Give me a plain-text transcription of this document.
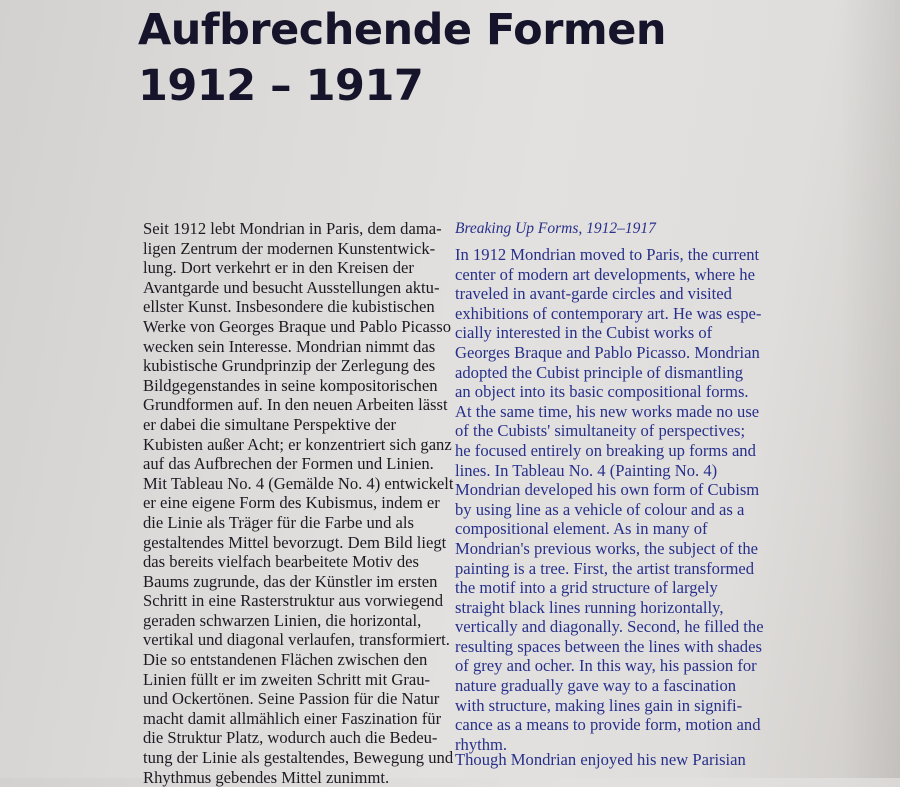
Aufbrechende Formen
1912 – 1917
Seit 1912 lebt Mondrian in Paris, dem dama-
ligen Zentrum der modernen Kunstentwick-
lung. Dort verkehrt er in den Kreisen der
Avantgarde und besucht Ausstellungen aktu-
ellster Kunst. Insbesondere die kubistischen
Werke von Georges Braque und Pablo Picasso
wecken sein Interesse. Mondrian nimmt das
kubistische Grundprinzip der Zerlegung des
Bildgegenstandes in seine kompositorischen
Grundformen auf. In den neuen Arbeiten lässt
er dabei die simultane Perspektive der
Kubisten außer Acht; er konzentriert sich ganz
auf das Aufbrechen der Formen und Linien.
Mit Tableau No. 4 (Gemälde No. 4) entwickelt
er eine eigene Form des Kubismus, indem er
die Linie als Träger für die Farbe und als
gestaltendes Mittel bevorzugt. Dem Bild liegt
das bereits vielfach bearbeitete Motiv des
Baums zugrunde, das der Künstler im ersten
Schritt in eine Rasterstruktur aus vorwiegend
geraden schwarzen Linien, die horizontal,
vertikal und diagonal verlaufen, transformiert.
Die so entstandenen Flächen zwischen den
Linien füllt er im zweiten Schritt mit Grau-
und Ockertönen. Seine Passion für die Natur
macht damit allmählich einer Faszination für
die Struktur Platz, wodurch auch die Bedeu-
tung der Linie als gestaltendes, Bewegung und
Rhythmus gebendes Mittel zunimmt.

Breaking Up Forms, 1912–1917

In 1912 Mondrian moved to Paris, the current
center of modern art developments, where he
traveled in avant-garde circles and visited
exhibitions of contemporary art. He was espe-
cially interested in the Cubist works of
Georges Braque and Pablo Picasso. Mondrian
adopted the Cubist principle of dismantling
an object into its basic compositional forms.
At the same time, his new works made no use
of the Cubists' simultaneity of perspectives;
he focused entirely on breaking up forms and
lines. In Tableau No. 4 (Painting No. 4)
Mondrian developed his own form of Cubism
by using line as a vehicle of colour and as a
compositional element. As in many of
Mondrian's previous works, the subject of the
painting is a tree. First, the artist transformed
the motif into a grid structure of largely
straight black lines running horizontally,
vertically and diagonally. Second, he filled the
resulting spaces between the lines with shades
of grey and ocher. In this way, his passion for
nature gradually gave way to a fascination
with structure, making lines gain in signifi-
cance as a means to provide form, motion and
rhythm.
Though Mondrian enjoyed his new Parisian
